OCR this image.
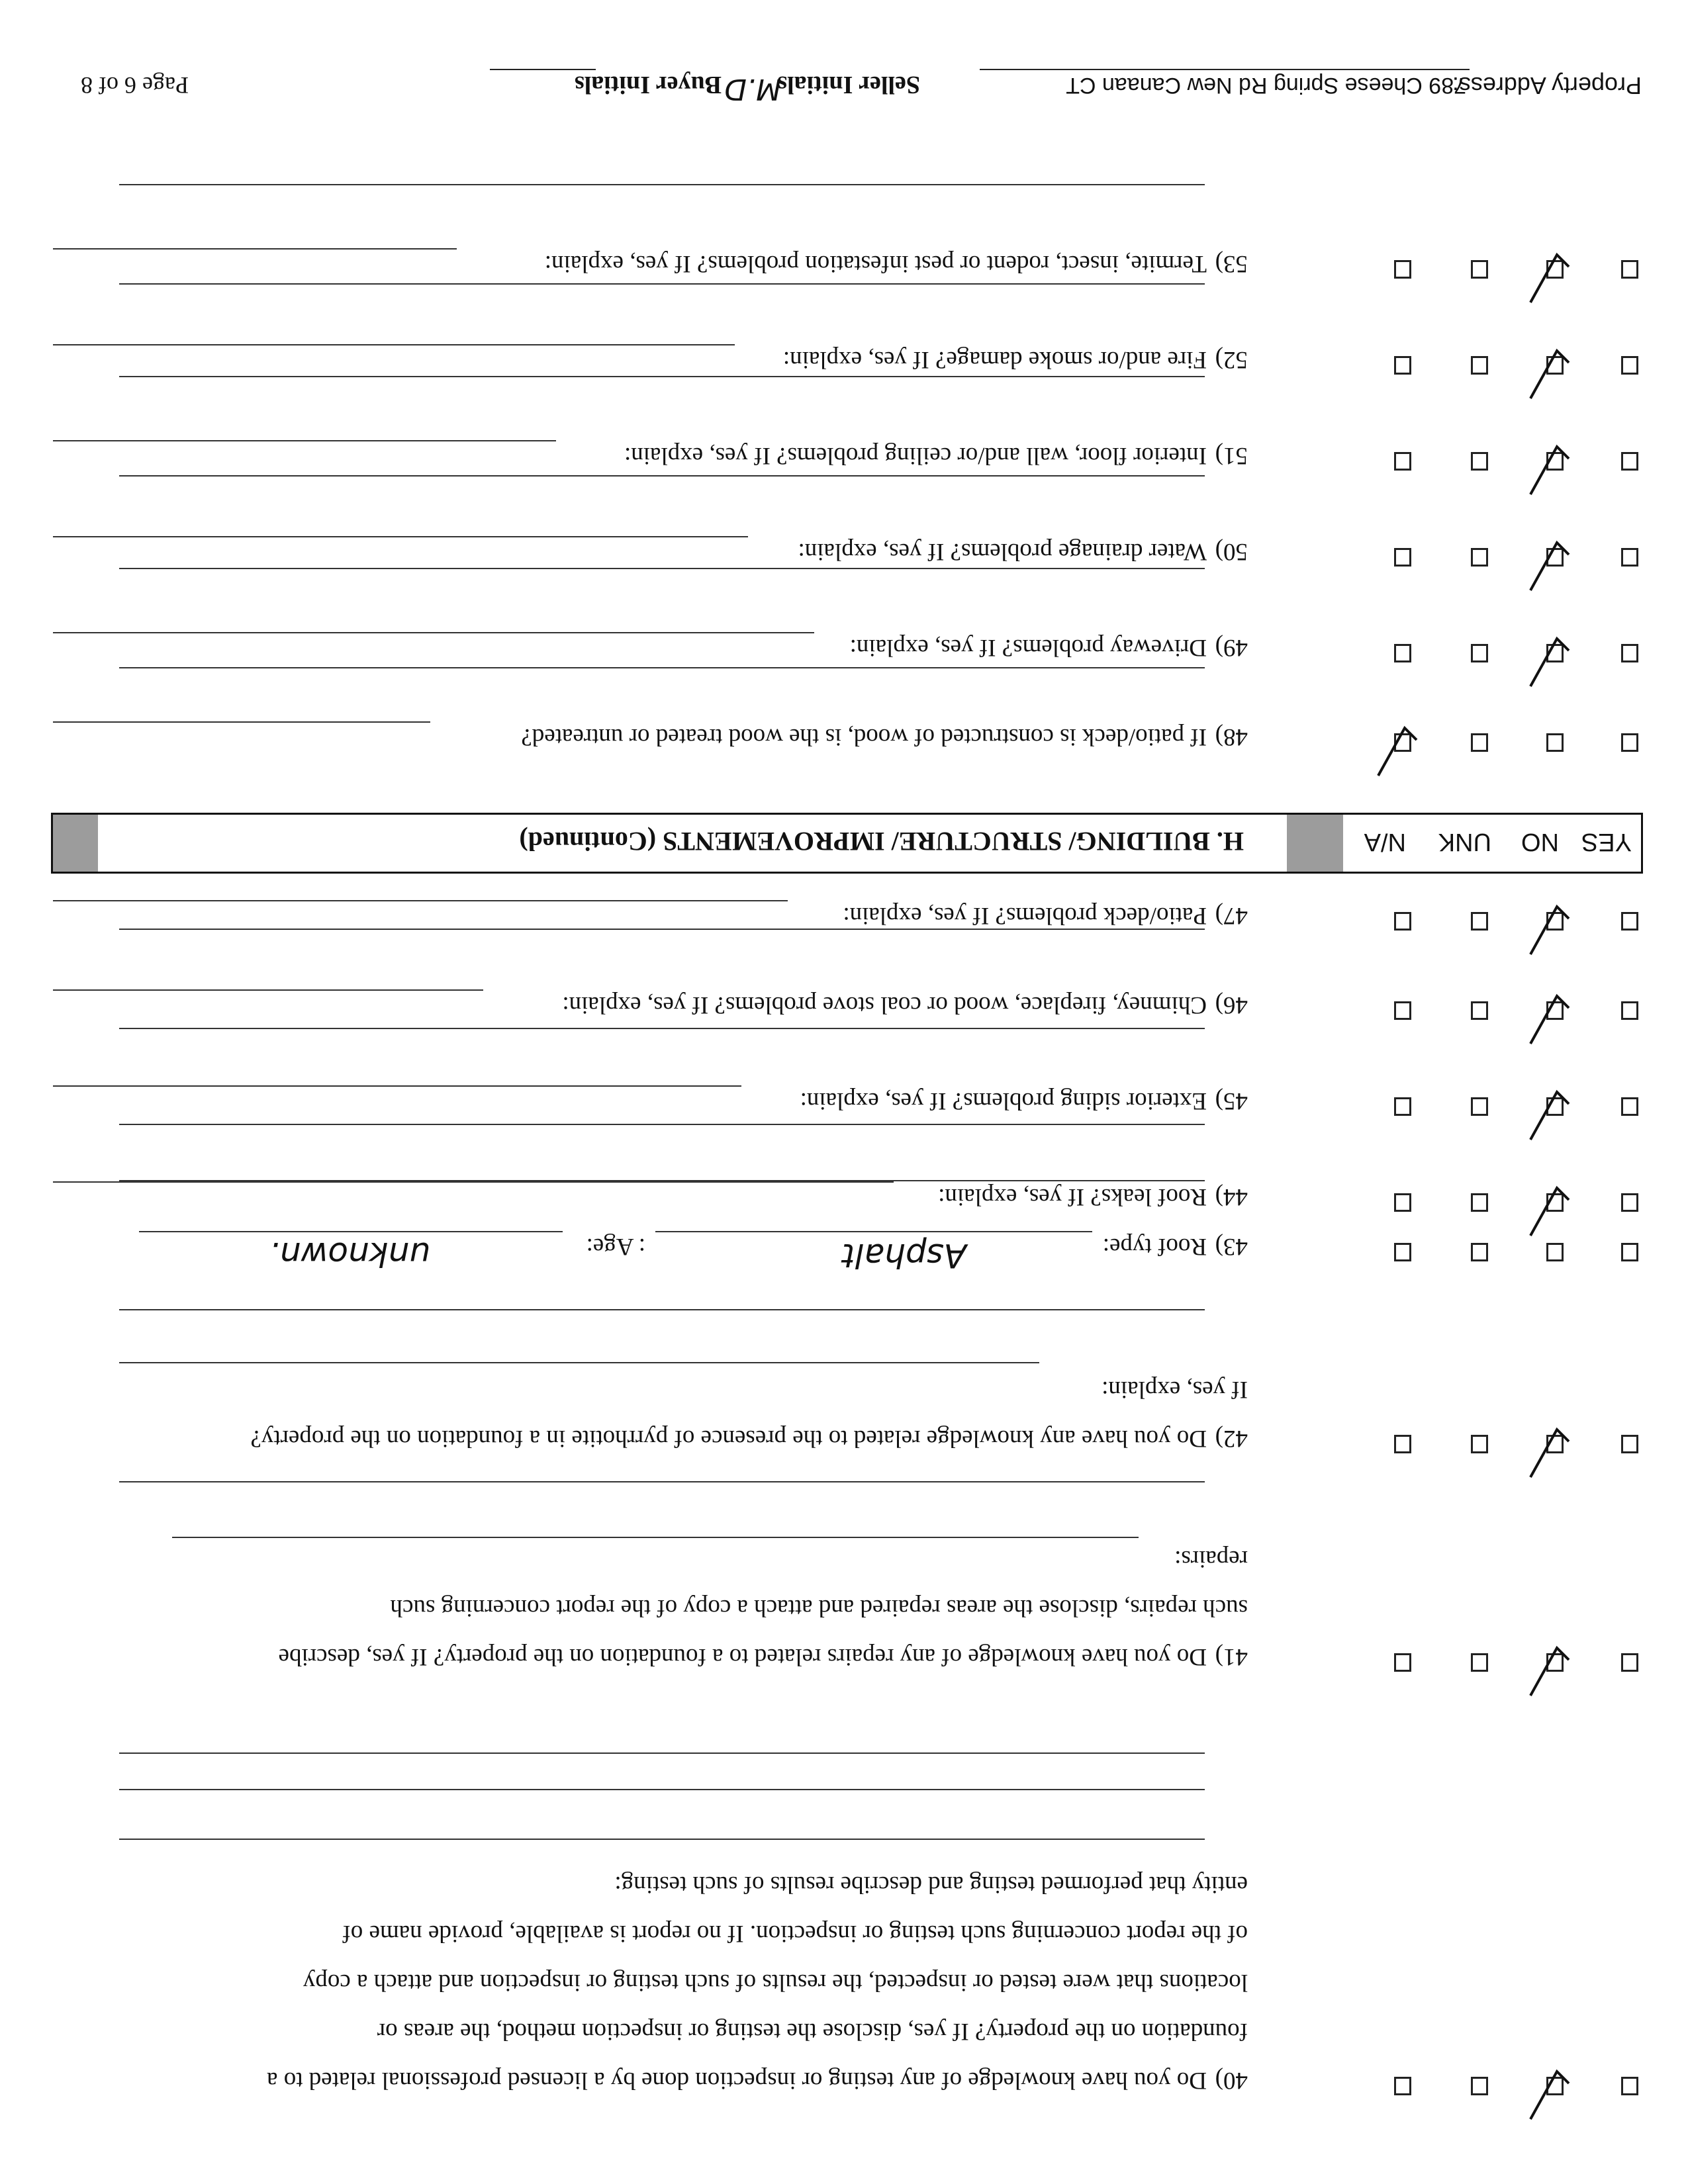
YES
NO
UNK
N/A
H. BUILDING/ STRUCTURE/ IMPROVEMENTS (Continued)
40)Do you have knowledge of any testing or inspection done by a licensed professional related to a
foundation on the property? If yes, disclose the testing or inspection method, the areas or
locations that were tested or inspected, the results of such testing or inspection and attach a copy
of the report concerning such testing or inspection. If no report is available, provide name of
entity that performed testing and describe results of such testing:
41)Do you have knowledge of any repairs related to a foundation on the property? If yes, describe
such repairs, disclose the areas repaired and attach a copy of the report concerning such
repairs:
42)Do you have any knowledge related to the presence of pyrrhotite in a foundation on the property?
If yes, explain:
43)Roof type:
Asphalt
: Age:
unknown.
44)Roof leaks? If yes, explain:
45)Exterior siding problems? If yes, explain:
46)Chimney, fireplace, wood or coal stove problems? If yes, explain:
47)Patio/deck problems? If yes, explain:
48)If patio/deck is constructed of wood, is the wood treated or untreated?
49)Driveway problems? If yes, explain:
50)Water drainage problems? If yes, explain:
51)Interior floor, wall and/or ceiling problems? If yes, explain:
52)Fire and/or smoke damage? If yes, explain:
53)Termite, insect, rodent or pest infestation problems? If yes, explain:
Property Address:
789 Cheese Spring Rd New Canaan CT
Seller Initials
M.D
Buyer Initials
Page 6 of 8
